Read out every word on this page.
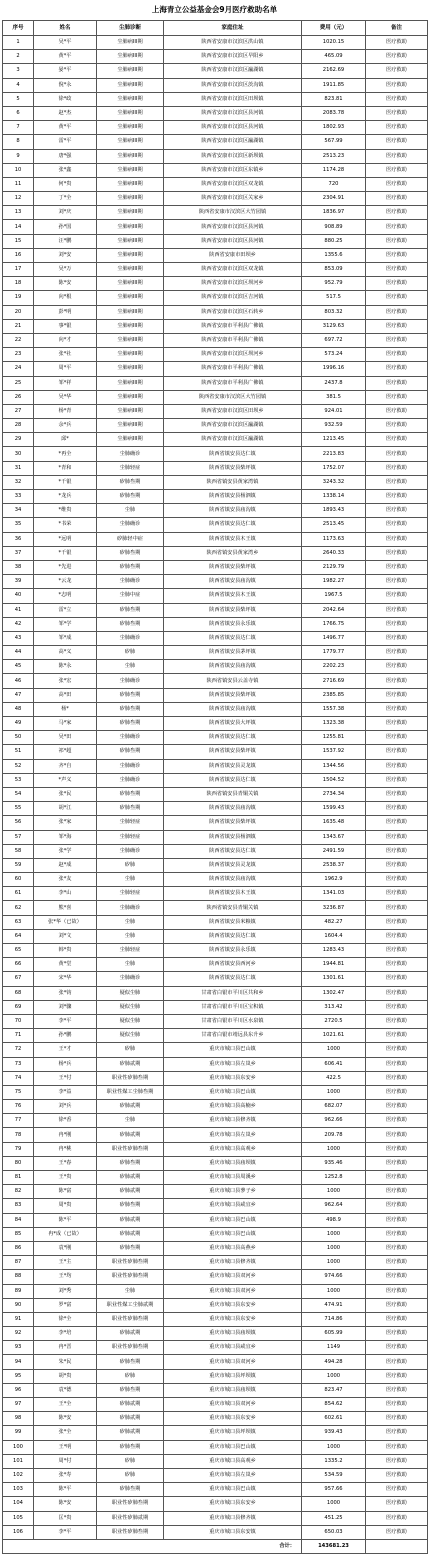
上海青立公益基金会9月医疗救助名单
序号	姓名	尘肺诊断	家庭住址	费用（元）	备注
1	吴*平	尘肺病III期	陕西省安康市汉滨区洪山镇	1020.15	医疗救助
2	黄*平	尘肺病III期	陕西省安康市汉滨区早阳乡	465.09	医疗救助
3	晏*平	尘肺病III期	陕西省安康市汉滨区瀛湖镇	2162.69	医疗救助
4	倪*永	尘肺病III期	陕西省安康市汉滨区茨沟镇	1911.85	医疗救助
5	徐*政	尘肺病III期	陕西省安康市汉滨区田坝镇	823.81	医疗救助
6	赵*杰	尘肺病III期	陕西省安康市汉滨区县河镇	2083.78	医疗救助
7	黄*平	尘肺病III期	陕西省安康市汉滨区县河镇	1802.93	医疗救助
8	雷*平	尘肺病III期	陕西省安康市汉滨区瀛湖镇	567.99	医疗救助
9	唐*强	尘肺病III期	陕西省安康市汉滨区新坝镇	2513.23	医疗救助
10	张*鑫	尘肺病III期	陕西省安康市汉滨区东镇乡	1174.28	医疗救助
11	何*贵	尘肺病III期	陕西省安康市汉滨区双龙镇	720	医疗救助
12	丁*全	尘肺病III期	陕西省安康市汉滨区关家乡	2304.91	医疗救助
13	刘*庆	尘肺病III期	陕西省安康市汉滨区大竹园镇	1836.97	医疗救助
14	孙*国	尘肺病III期	陕西省安康市汉滨区县河镇	908.89	医疗救助
15	汪*鹏	尘肺病III期	陕西省安康市汉滨区县河镇	880.25	医疗救助
16	刘*安	尘肺病III期	陕西省安康市田坝乡	1355.6	医疗救助
17	吴*万	尘肺病III期	陕西省安康市汉滨区双龙镇	853.09	医疗救助
18	陈*安	尘肺病III期	陕西省安康市汉滨区坝河乡	952.79	医疗救助
19	向*根	尘肺病III期	陕西省安康市汉滨区吉河镇	517.5	医疗救助
20	彭*明	尘肺病III期	陕西省安康市汉滨区石转乡	803.32	医疗救助
21	事*银	尘肺病III期	陕西省安康市平利县广佛镇	3129.63	医疗救助
22	向*才	尘肺病III期	陕西省安康市平利县广佛镇	697.72	医疗救助
23	张*社	尘肺病III期	陕西省安康市汉滨区坝河乡	573.24	医疗救助
24	周*平	尘肺病III期	陕西省安康市平利县广佛镇	1996.16	医疗救助
25	邹*祥	尘肺病III期	陕西省安康市平利县广佛镇	2437.8	医疗救助
26	吴*华	尘肺病III期	陕西省安康市汉滨区大竹园镇	381.5	医疗救助
27	杨*青	尘肺病III期	陕西省安康市汉滨区田坝乡	924.01	医疗救助
28	余*兵	尘肺病III期	陕西省安康市汉滨区瀛湖镇	932.59	医疗救助
29	邱*	尘肺病III期	陕西省安康市汉滨区瀛湖镇	1213.45	医疗救助
30	*再全	尘肺确诊	陕西省镇安县达仁镇	2213.83	医疗救助
31	*青和	尘肺轻症	陕西省镇安县柴坪镇	1752.07	医疗救助
32	*千银	矽肺叁期	陕西省镇安县黄家湾镇	3243.32	医疗救助
33	*龙兵	矽肺叁期	陕西省镇安县杨泗镇	1338.14	医疗救助
34	*维贵	尘肺	陕西省镇安县庙沟镇	1893.43	医疗救助
35	*书荣	尘肺确诊	陕西省镇安县达仁镇	2513.45	医疗救助
36	*远明	矽肺轻中症	陕西省镇安县木王镇	1173.63	医疗救助
37	*千银	矽肺叁期	陕西省镇安县黄家湾乡	2640.33	医疗救助
38	*先进	矽肺叁期	陕西省镇安县柴坪镇	2129.79	医疗救助
39	*云龙	尘肺确诊	陕西省镇安县庙沟镇	1982.27	医疗救助
40	*志明	尘肺中症	陕西省镇安县木王镇	1967.5	医疗救助
41	雷*立	矽肺叁期	陕西省镇安县柴坪镇	2042.64	医疗救助
42	邹*学	矽肺叁期	陕西省镇安县永乐镇	1766.75	医疗救助
43	邹*成	尘肺确诊	陕西省镇安县达仁镇	1496.77	医疗救助
44	高*义	矽肺	陕西省镇安县茅坪镇	1779.77	医疗救助
45	陈*永	尘肺	陕西省镇安县庙沟镇	2202.23	医疗救助
46	张*宏	尘肺确诊	陕西省镇安县云盖寺镇	2716.69	医疗救助
47	高*田	矽肺叁期	陕西省镇安县柴坪镇	2385.85	医疗救助
48	杨*	矽肺叁期	陕西省镇安县庙沟镇	1557.38	医疗救助
49	马*家	矽肺叁期	陕西省镇安县大坪镇	1323.38	医疗救助
50	吴*田	尘肺确诊	陕西省镇安县达仁镇	1255.81	医疗救助
51	祁*超	矽肺叁期	陕西省镇安县柴坪镇	1537.92	医疗救助
52	齐*自	尘肺确诊	陕西省镇安县灵龙镇	1344.56	医疗救助
53	*声义	尘肺确诊	陕西省镇安县达仁镇	1504.52	医疗救助
54	张*民	矽肺叁期	陕西省镇安县青铜关镇	2734.34	医疗救助
55	胡*江	矽肺叁期	陕西省镇安县庙沟镇	1599.43	医疗救助
56	张*家	尘肺轻症	陕西省镇安县柴坪镇	1635.48	医疗救助
57	邹*海	尘肺轻症	陕西省镇安县杨泗镇	1343.67	医疗救助
58	张*学	尘肺确诊	陕西省镇安县达仁镇	2491.59	医疗救助
59	赵*成	矽肺	陕西省镇安县灵龙镇	2538.37	医疗救助
60	张*友	尘肺	陕西省镇安县庙沟镇	1962.9	医疗救助
61	李*山	尘肺轻症	陕西省镇安县木王镇	1341.03	医疗救助
62	熊*喜	尘肺确诊	陕西省镇安县青铜关镇	3236.87	医疗救助
63	张*华（已故）	尘肺	陕西省镇安县米粮镇	482.27	医疗救助
64	刘*文	尘肺	陕西省镇安县达仁镇	1604.4	医疗救助
65	韩*贵	尘肺轻症	陕西省镇安县永乐镇	1283.43	医疗救助
66	黄*堂	尘肺	陕西省镇安县西河乡	1944.81	医疗救助
67	宋*华	尘肺确诊	陕西省镇安县达仁镇	1301.61	医疗救助
68	张*钧	疑似尘肺	甘肃省白银市平川区共和乡	1302.47	医疗救助
69	刘*骤	疑似尘肺	甘肃省白银市平川区宝积镇	313.42	医疗救助
70	李*平	疑似尘肺	甘肃省白银市平川区水泉镇	2720.5	医疗救助
71	孙*鹏	疑似尘肺	甘肃省白银市靖远县东升乡	1021.61	医疗救助
72	王*才	矽肺	重庆市城口县巴山镇	1000	医疗救助
73	杨*兵	矽肺贰期	重庆市城口县左岚乡	606.41	医疗救助
74	王*付	职业性矽肺叁期	重庆市城口县东安乡	422.5	医疗救助
75	李*益	职业性煤工尘肺叁期	重庆市城口县巴山镇	1000	医疗救助
76	刘*兵	矽肺贰期	重庆市城口县高楠乡	682.07	医疗救助
77	徐*香	尘肺	重庆市城口县修齐镇	962.66	医疗救助
78	冉*刚	矽肺贰期	重庆市城口县左岚乡	209.78	医疗救助
79	冉*桃	职业性矽肺叁期	重庆市城口县高观乡	1000	医疗救助
80	王*春	矽肺叁期	重庆市城口县庙坝镇	935.46	医疗救助
81	王*贵	矽肺贰期	重庆市城口县周溪乡	1252.8	医疗救助
82	陈*富	矽肺贰期	重庆市城口县蓼子乡	1000	医疗救助
83	周*贵	矽肺叁期	重庆市城口县咸宜乡	962.64	医疗救助
84	陈*平	矽肺贰期	重庆市城口县巴山镇	498.9	医疗救助
85	冉*成（已故）	矽肺贰期	重庆市城口县巴山镇	1000	医疗救助
86	袁*刚	矽肺叁期	重庆市城口县高燕乡	1000	医疗救助
87	王*主	职业性矽肺叁期	重庆市城口县修齐镇	1000	医疗救助
88	王*均	职业性矽肺叁期	重庆市城口县双河乡	974.66	医疗救助
89	刘*秀	尘肺	重庆市城口县双河乡	1000	医疗救助
90	罗*富	职业性煤工尘肺贰期	重庆市城口县东安乡	474.91	医疗救助
91	徐*全	职业性矽肺叁期	重庆市城口县东安乡	714.86	医疗救助
92	李*培	矽肺贰期	重庆市城口县庙坝镇	605.99	医疗救助
93	冉*晋	职业性矽肺叁期	重庆市城口县咸宜乡	1149	医疗救助
94	朱*民	矽肺叁期	重庆市城口县双河乡	494.28	医疗救助
95	胡*贵	矽肺	重庆市城口县坪坝镇	1000	医疗救助
96	袁*德	矽肺叁期	重庆市城口县庙坝镇	823.47	医疗救助
97	王*全	矽肺贰期	重庆市城口县双河乡	854.62	医疗救助
98	陈*安	矽肺贰期	重庆市城口县东安乡	602.61	医疗救助
99	张*全	矽肺贰期	重庆市城口县坪坝镇	939.43	医疗救助
100	王*明	矽肺叁期	重庆市城口县巴山镇	1000	医疗救助
101	周*付	矽肺	重庆市城口县高观乡	1335.2	医疗救助
102	张*寿	矽肺	重庆市城口县左岚乡	534.59	医疗救助
103	陈*平	矽肺叁期	重庆市城口县巴山镇	957.66	医疗救助
104	陈*安	职业性矽肺叁期	重庆市城口县东安乡	1000	医疗救助
105	匡*贵	职业性矽肺贰期	重庆市城口县修齐镇	451.25	医疗救助
106	李*平	职业性矽肺叁期	重庆市城口县东安镇	650.03	医疗救助
合计：				143681.23	
